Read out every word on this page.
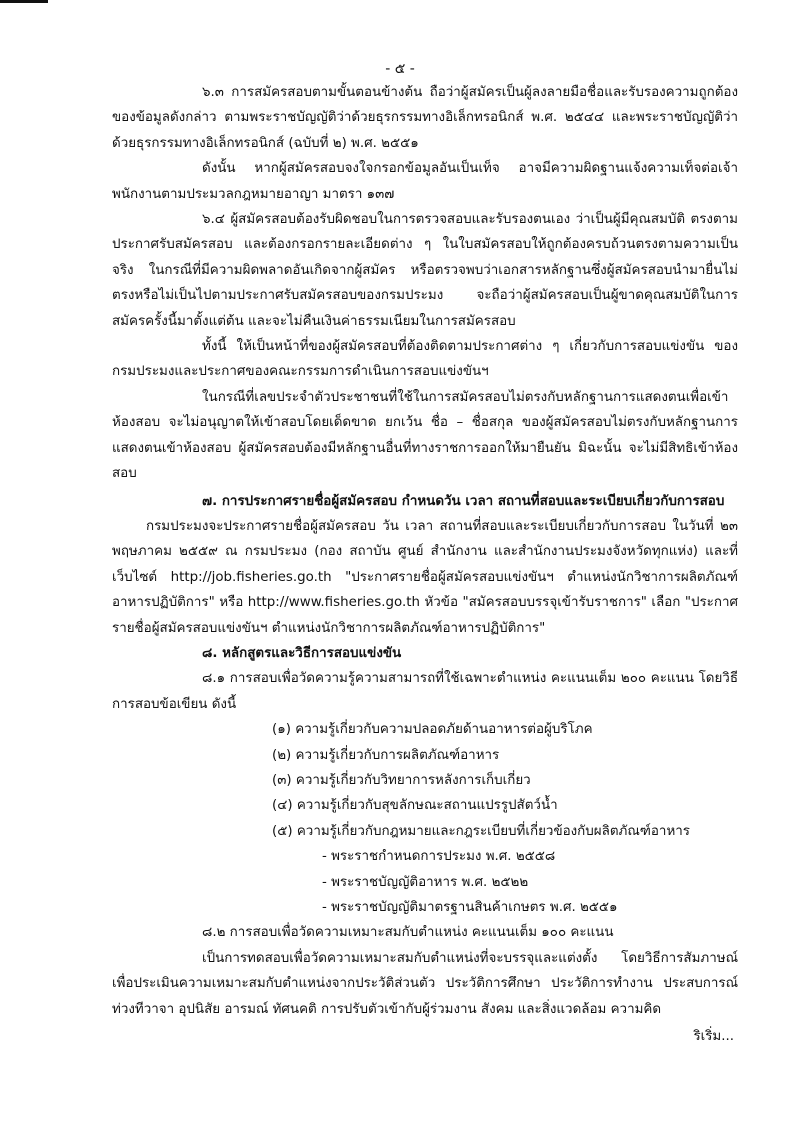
- ๕ -

๖.๓ การสมัครสอบตามขั้นตอนข้างต้น ถือว่าผู้สมัครเป็นผู้ลงลายมือชื่อและรับรองความถูกต้องของข้อมูลดังกล่าว ตามพระราชบัญญัติว่าด้วยธุรกรรมทางอิเล็กทรอนิกส์ พ.ศ. ๒๕๔๔ และพระราชบัญญัติว่าด้วยธุรกรรมทางอิเล็กทรอนิกส์ (ฉบับที่ ๒) พ.ศ. ๒๕๕๑

ดังนั้น หากผู้สมัครสอบจงใจกรอกข้อมูลอันเป็นเท็จ อาจมีความผิดฐานแจ้งความเท็จต่อเจ้าพนักงานตามประมวลกฎหมายอาญา มาตรา ๑๓๗

๖.๔ ผู้สมัครสอบต้องรับผิดชอบในการตรวจสอบและรับรองตนเอง ว่าเป็นผู้มีคุณสมบัติ ตรงตามประกาศรับสมัครสอบ และต้องกรอกรายละเอียดต่าง ๆ ในใบสมัครสอบให้ถูกต้องครบถ้วนตรงตามความเป็นจริง ในกรณีที่มีความผิดพลาดอันเกิดจากผู้สมัคร หรือตรวจพบว่าเอกสารหลักฐานซึ่งผู้สมัครสอบนำมายื่นไม่ตรงหรือไม่เป็นไปตามประกาศรับสมัครสอบของกรมประมง จะถือว่าผู้สมัครสอบเป็นผู้ขาดคุณสมบัติในการสมัครครั้งนี้มาตั้งแต่ต้น และจะไม่คืนเงินค่าธรรมเนียมในการสมัครสอบ

ทั้งนี้ ให้เป็นหน้าที่ของผู้สมัครสอบที่ต้องติดตามประกาศต่าง ๆ เกี่ยวกับการสอบแข่งขัน ของกรมประมงและประกาศของคณะกรรมการดำเนินการสอบแข่งขันฯ

ในกรณีที่เลขประจำตัวประชาชนที่ใช้ในการสมัครสอบไม่ตรงกับหลักฐานการแสดงตนเพื่อเข้าห้องสอบ จะไม่อนุญาตให้เข้าสอบโดยเด็ดขาด ยกเว้น ชื่อ – ชื่อสกุล ของผู้สมัครสอบไม่ตรงกับหลักฐานการแสดงตนเข้าห้องสอบ ผู้สมัครสอบต้องมีหลักฐานอื่นที่ทางราชการออกให้มายืนยัน มิฉะนั้น จะไม่มีสิทธิเข้าห้องสอบ

๗. การประกาศรายชื่อผู้สมัครสอบ กำหนดวัน เวลา สถานที่สอบและระเบียบเกี่ยวกับการสอบ

กรมประมงจะประกาศรายชื่อผู้สมัครสอบ วัน เวลา สถานที่สอบและระเบียบเกี่ยวกับการสอบ ในวันที่ ๒๓ พฤษภาคม ๒๕๕๙ ณ กรมประมง (กอง สถาบัน ศูนย์ สำนักงาน และสำนักงานประมงจังหวัดทุกแห่ง) และที่เว็บไซต์ http://job.fisheries.go.th "ประกาศรายชื่อผู้สมัครสอบแข่งขันฯ ตำแหน่งนักวิชาการผลิตภัณฑ์อาหารปฏิบัติการ" หรือ http://www.fisheries.go.th หัวข้อ "สมัครสอบบรรจุเข้ารับราชการ" เลือก "ประกาศรายชื่อผู้สมัครสอบแข่งขันฯ ตำแหน่งนักวิชาการผลิตภัณฑ์อาหารปฏิบัติการ"

๘. หลักสูตรและวิธีการสอบแข่งขัน

๘.๑ การสอบเพื่อวัดความรู้ความสามารถที่ใช้เฉพาะตำแหน่ง คะแนนเต็ม ๒๐๐ คะแนน โดยวิธีการสอบข้อเขียน ดังนี้

(๑) ความรู้เกี่ยวกับความปลอดภัยด้านอาหารต่อผู้บริโภค
(๒) ความรู้เกี่ยวกับการผลิตภัณฑ์อาหาร
(๓) ความรู้เกี่ยวกับวิทยาการหลังการเก็บเกี่ยว
(๔) ความรู้เกี่ยวกับสุขลักษณะสถานแปรรูปสัตว์น้ำ
(๕) ความรู้เกี่ยวกับกฎหมายและกฎระเบียบที่เกี่ยวข้องกับผลิตภัณฑ์อาหาร
- พระราชกำหนดการประมง พ.ศ. ๒๕๕๘
- พระราชบัญญัติอาหาร พ.ศ. ๒๕๒๒
- พระราชบัญญัติมาตรฐานสินค้าเกษตร พ.ศ. ๒๕๕๑

๘.๒ การสอบเพื่อวัดความเหมาะสมกับตำแหน่ง คะแนนเต็ม ๑๐๐ คะแนน

เป็นการทดสอบเพื่อวัดความเหมาะสมกับตำแหน่งที่จะบรรจุและแต่งตั้ง โดยวิธีการสัมภาษณ์เพื่อประเมินความเหมาะสมกับตำแหน่งจากประวัติส่วนตัว ประวัติการศึกษา ประวัติการทำงาน ประสบการณ์ ท่วงทีวาจา อุปนิสัย อารมณ์ ทัศนคติ การปรับตัวเข้ากับผู้ร่วมงาน สังคม และสิ่งแวดล้อม ความคิด

ริเริ่ม...
